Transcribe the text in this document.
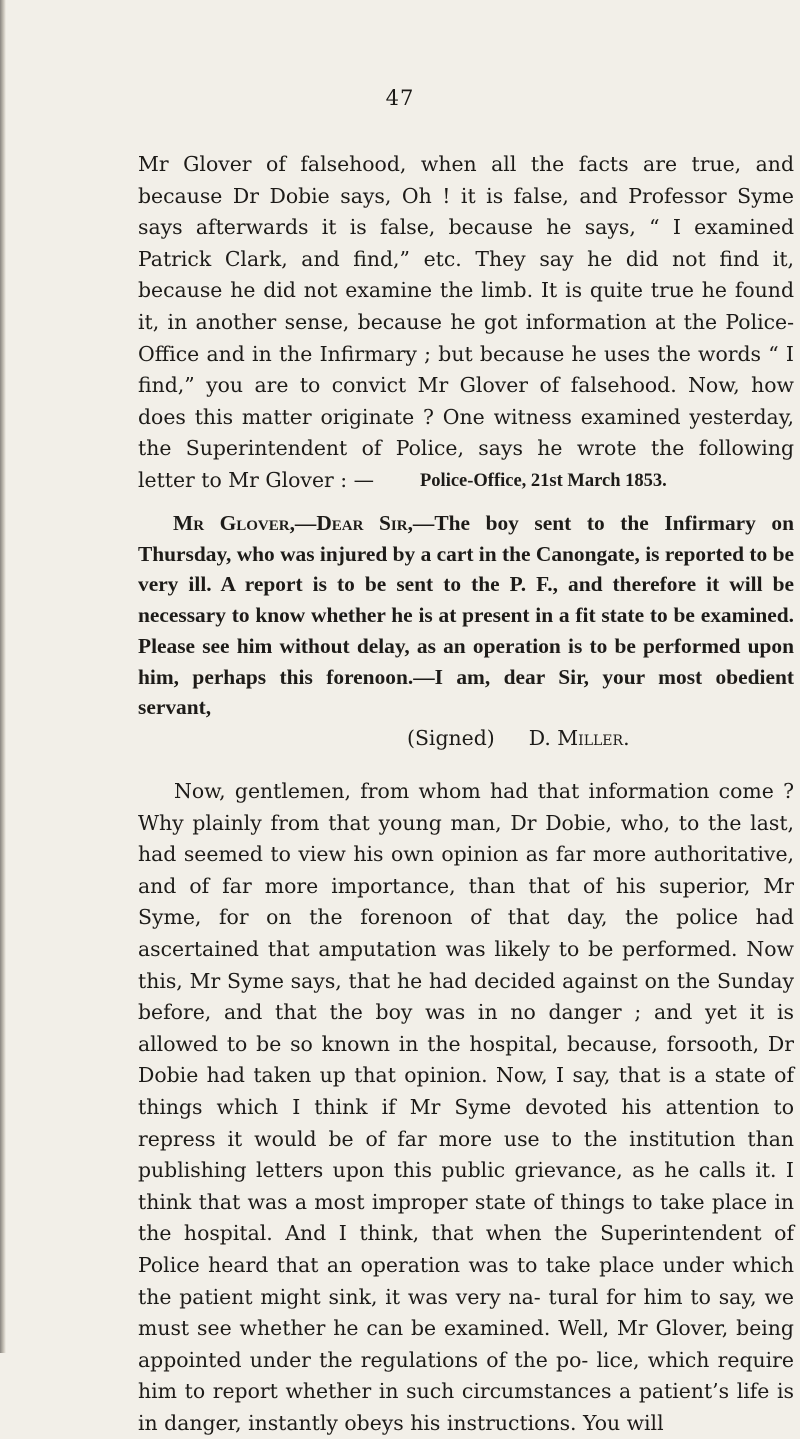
47

Mr Glover of falsehood, when all the facts are true, and because Dr Dobie says, Oh ! it is false, and Professor Syme says afterwards it is false, because he says, “ I examined Patrick Clark, and find,” etc. They say he did not find it, because he did not examine the limb. It is quite true he found it, in another sense, because he got information at the Police-Office and in the Infirmary ; but because he uses the words “ I find,” you are to convict Mr Glover of falsehood. Now, how does this matter originate ? One witness examined yesterday, the Superintendent of Police, says he wrote the following letter to Mr Glover : —	Police-Office, 21st March 1853.

Mr Glover,—Dear Sir,—The boy sent to the Infirmary on Thursday, who was injured by a cart in the Canongate, is reported to be very ill. A report is to be sent to the P. F., and therefore it will be necessary to know whether he is at present in a fit state to be examined. Please see him without delay, as an operation is to be performed upon him, perhaps this forenoon.—I am, dear Sir, your most obedient servant,

(Signed) D. Miller.

Now, gentlemen, from whom had that information come ? Why plainly from that young man, Dr Dobie, who, to the last, had seemed to view his own opinion as far more authoritative, and of far more importance, than that of his superior, Mr Syme, for on the forenoon of that day, the police had ascertained that amputation was likely to be performed. Now this, Mr Syme says, that he had decided against on the Sunday before, and that the boy was in no danger ; and yet it is allowed to be so known in the hospital, because, forsooth, Dr Dobie had taken up that opinion. Now, I say, that is a state of things which I think if Mr Syme devoted his attention to repress it would be of far more use to the institution than publishing letters upon this public grievance, as he calls it. I think that was a most improper state of things to take place in the hospital. And I think, that when the Superintendent of Police heard that an operation was to take place under which the patient might sink, it was very na- tural for him to say, we must see whether he can be examined. Well, Mr Glover, being appointed under the regulations of the po- lice, which require him to report whether in such circumstances a patient’s life is in danger, instantly obeys his instructions. You will
